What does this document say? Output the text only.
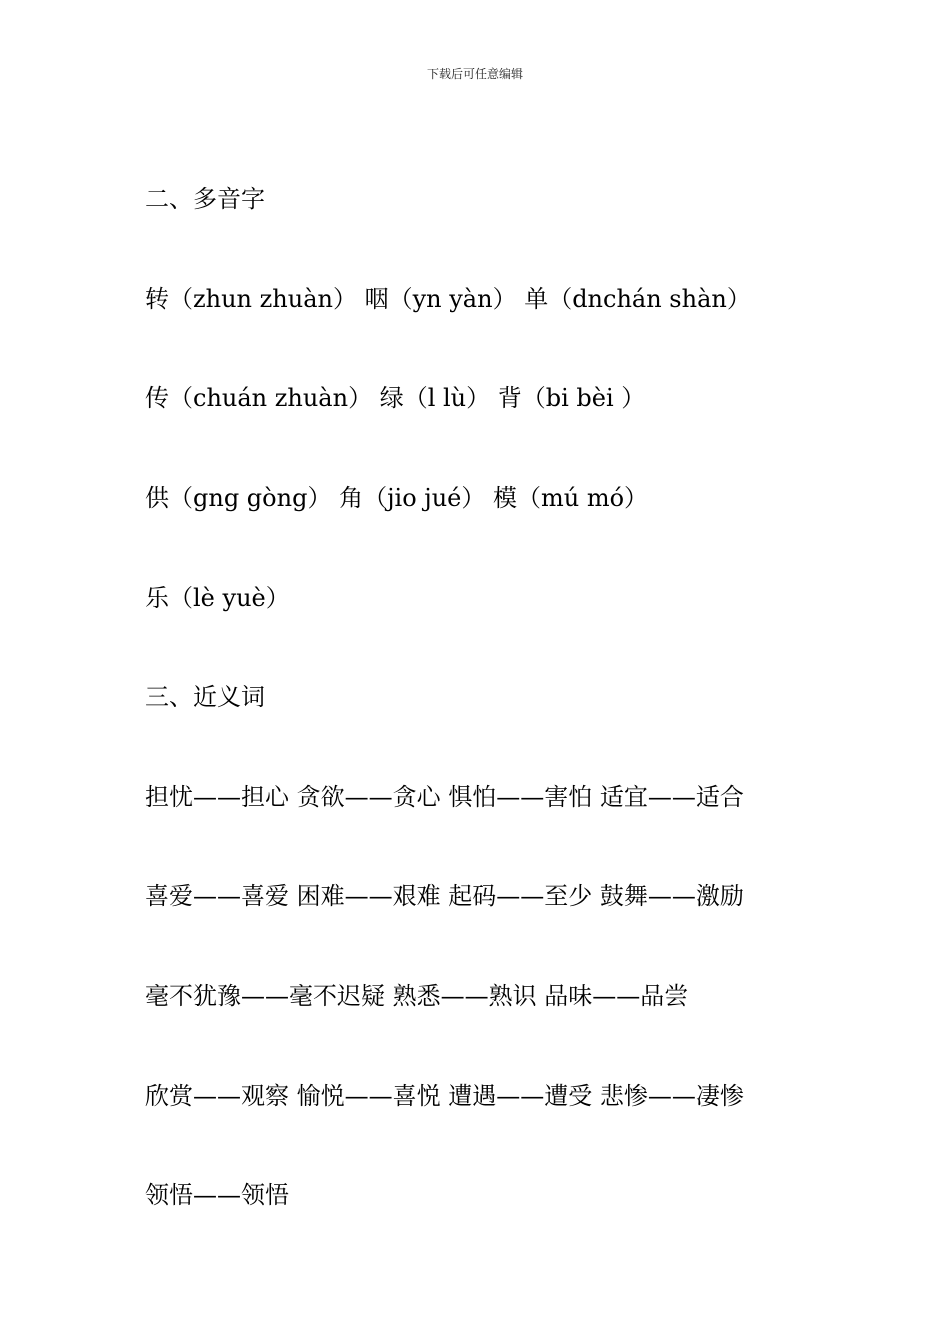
下载后可任意编辑
二、多音字
转（zhun zhuàn） 咽（yn yàn） 单（dnchán shàn）
传（chuán zhuàn） 绿（l lù） 背（bi bèi ）
供（gng gòng） 角（jio jué） 模（mú mó）
乐（lè yuè）
三、近义词
担忧——担心 贪欲——贪心 惧怕——害怕 适宜——适合
喜爱——喜爱 困难——艰难 起码——至少 鼓舞——激励
毫不犹豫——毫不迟疑 熟悉——熟识 品味——品尝
欣赏——观察 愉悦——喜悦 遭遇——遭受 悲惨——凄惨
领悟——领悟
